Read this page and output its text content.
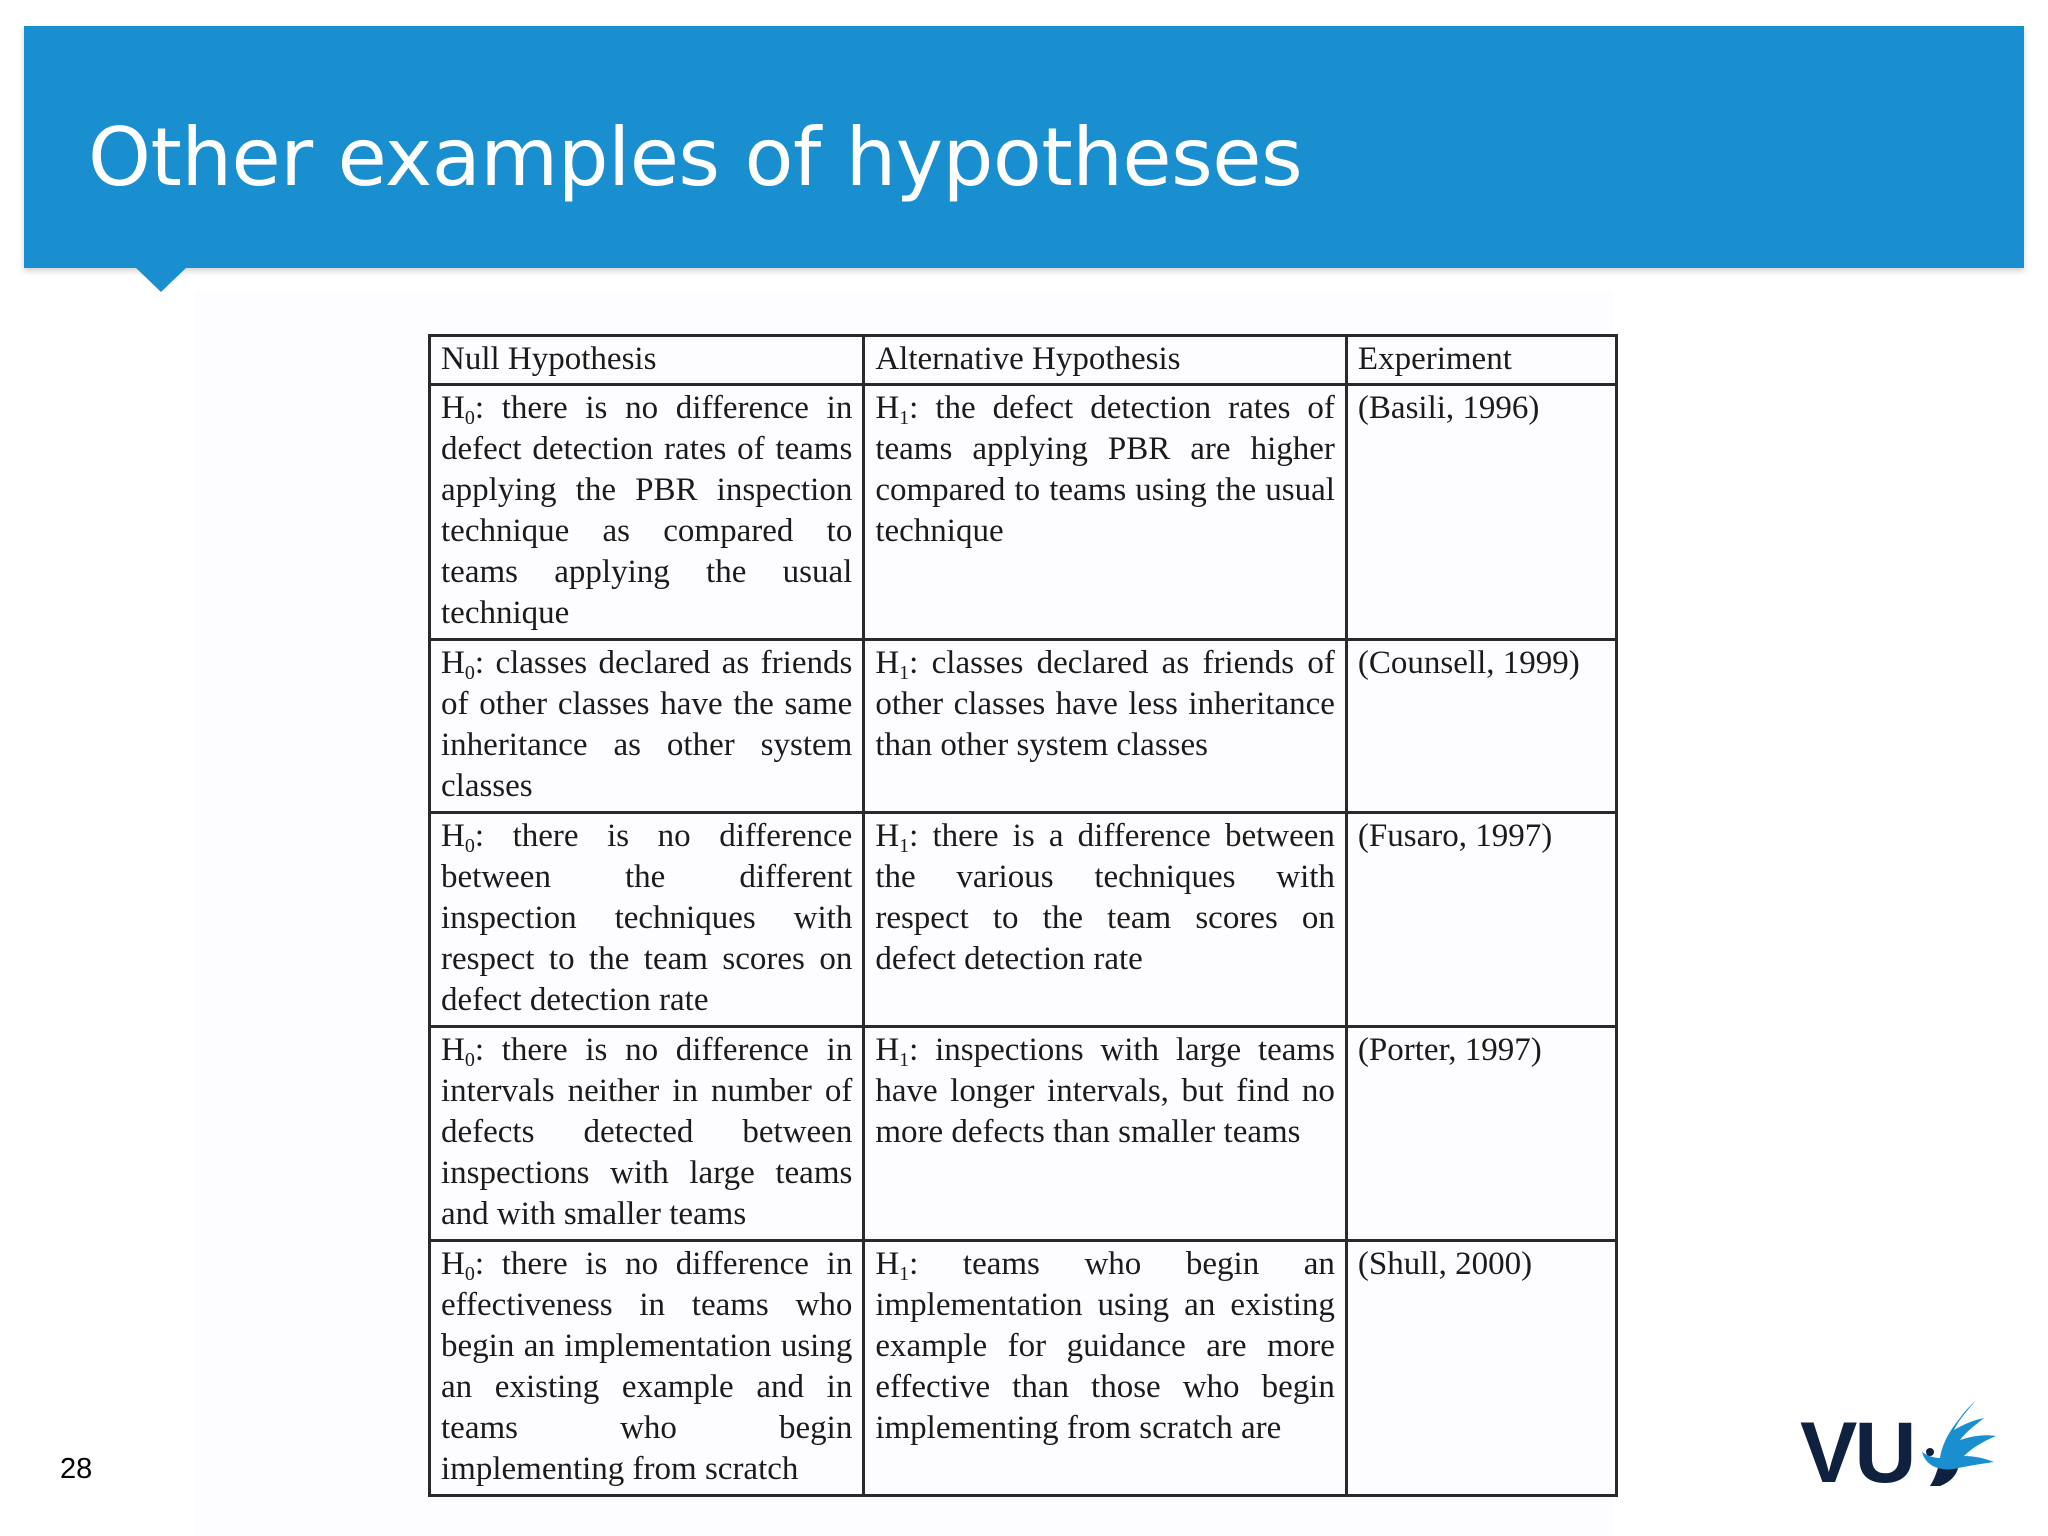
Other examples of hypotheses
Null Hypothesis	Alternative Hypothesis	Experiment
$H_0$: there is no difference in defect detection rates of teams applying the PBR inspection technique as compared to teams applying the usual technique	$H_1$: the defect detection rates of teams applying PBR are higher compared to teams using the usual technique	(Basili, 1996)
$H_0$: classes declared as friends of other classes have the same inheritance as other system classes	$H_1$: classes declared as friends of other classes have less inheritance than other system classes	(Counsell, 1999)
$H_0$: there is no difference between the different inspection techniques with respect to the team scores on defect detection rate	$H_1$: there is a difference between the various techniques with respect to the team scores on defect detection rate	(Fusaro, 1997)
$H_0$: there is no difference in intervals neither in number of defects detected between inspections with large teams and with smaller teams	$H_1$: inspections with large teams have longer intervals, but find no more defects than smaller teams	(Porter, 1997)
$H_0$: there is no difference in effectiveness in teams who begin an implementation using an existing example and in teams who begin implementing from scratch	$H_1$: teams who begin an implementation using an existing example for guidance are more effective than those who begin implementing from scratch are	(Shull, 2000)
28	VU
